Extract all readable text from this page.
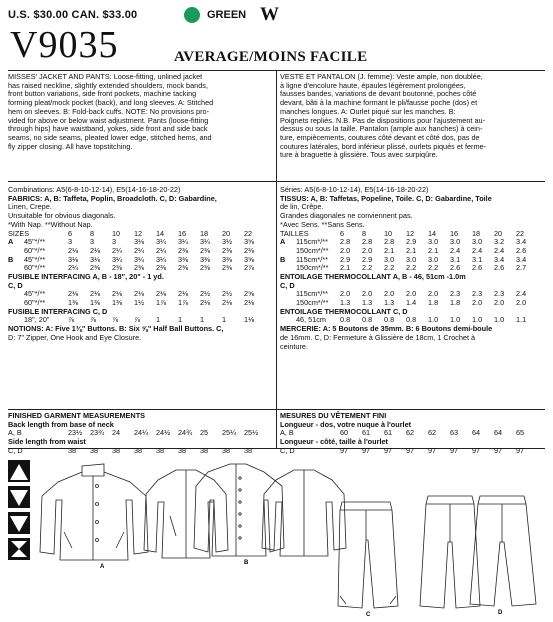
U.S. $30.00 CAN. $33.00	GREEN W
V9035	AVERAGE/MOINS FACILE
MISSES' JACKET AND PANTS: Loose-fitting, unlined jacket
has raised neckline, slightly extended shoulders, mock bands,
front button variations, side front pockets, machine tacking
forming pleat/mock pocket (back), and long sleeves. A: Stitched
hem on sleeves. B: Fold-back cuffs. NOTE: No provisions pro-
vided for above or below waist adjustment. Pants (loose-fitting
through hips) have waistband, yokes, side front and side back
seams, no side seams, pleated lower edge, stitched hems, and
fly zipper closing. All have topstitching.
Combinations: A5(6-8-10-12-14), E5(14-16-18-20-22)
FABRICS: A, B: Taffeta, Poplin, Broadcloth. C, D: Gabardine,
Linen, Crepe.
Unsuitable for obvious diagonals.
*With Nap. **Without Nap.
SIZES	6 8 10 12 14 16 18 20 22
A 45"*/**	3 3 3 3⅛ 3¼ 3¼ 3¼ 3½ 3⅝
60"*/**	2⅛ 2⅛ 2¼ 2¼ 2¼ 2⅜ 2⅜ 2⅜ 2⅜
B 45"*/**	3⅛ 3⅛ 3¼ 3¼ 3¼ 3⅜ 3⅜ 3⅜ 3⅝
60"*/**	2¼ 2⅜ 2⅜ 2⅜ 2⅜ 2⅜ 2⅜ 2⅜ 2⅞
FUSIBLE INTERFACING A, B - 18", 20" - 1 yd.
C, D
45"*/**	2⅛ 2⅛ 2⅛ 2⅛ 2⅛ 2⅛ 2½ 2½ 2⅝
60"*/**	1⅜ 1⅜ 1⅜ 1½ 1⅞ 1⅞ 2⅛ 2⅛ 2⅛
FUSIBLE INTERFACING C, D
18", 20"	⅞ ⅞ ⅞ ⅞ 1 1 1 1 1⅛
NOTIONS: A: Five 1⅜" Buttons. B: Six ⅝" Half Ball Buttons. C,
D: 7" Zipper, One Hook and Eye Closure.
FINISHED GARMENT MEASUREMENTS
Back length from base of neck
A, B	23½ 23¾ 24 24¼ 24½ 24¾ 25 25¼ 25½
Side length from waist
C, D	38 38 38 38 38 38 38 38 38
VESTE ET PANTALON (J. femme): Veste ample, non doublée,
à ligne d'encolure haute, épaules légèrement prolongées,
fausses bandes, variations de devant boutonné, poches côté
devant, bâti à la machine formant le pli/fausse poche (dos) et
manches longues. A: Ourlet piqué sur les manches. B:
Poignets repliés. N.B. Pas de dispositions pour l'ajustement au-
dessus ou sous la taille. Pantalon (ample aux hanches) à cein-
ture, empiècements, coutures côté devant et côté dos, pas de
coutures latérales, bord inférieur plissé, ourlets piqués et ferme-
ture à braguette à glissière. Tous avec surpiqûre.
Séries: A5(6-8-10-12-14), E5(14-16-18-20-22)
TISSUS: A, B: Taffetas, Popeline, Toile. C, D: Gabardine, Toile
de lin, Crêpe.
Grandes diagonales ne conviennent pas.
*Avec Sens. **Sans Sens.
TAILLES	6 8 10 12 14 16 18 20 22
A 115cm*/** 2.8 2.8 2.8 2.9 3.0 3.0 3.0 3.2 3.4
150cm*/** 2.0 2.0 2.1 2.1 2.1 2.4 2.4 2.4 2.6
B 115cm*/** 2.9 2.9 3.0 3.0 3.0 3.1 3.1 3.4 3.4
150cm*/** 2.1 2.2 2.2 2.2 2.2 2.6 2.6 2.6 2.7
ENTOILAGE THERMOCOLLANT A, B - 46, 51cm -1.0m
C, D
115cm*/** 2.0 2.0 2.0 2.0 2.0 2.3 2.3 2.3 2.4
150cm*/** 1.3 1.3 1.3 1.4 1.8 1.8 2.0 2.0 2.0
ENTOILAGE THERMOCOLLANT C, D
46, 51cm 0.8 0.8 0.8 0.8 1.0 1.0 1.0 1.0 1.1
MERCERIE: A: 5 Boutons de 35mm. B: 6 Boutons demi-boule
de 16mm. C, D: Fermeture à Glissière de 18cm, 1 Crochet à
ceinture.
MESURES DU VÊTEMENT FINI
Longueur - dos, votre nuque à l'ourlet
A, B	60 61 61 62 62 63 64 64 65
Longueur - côté, taille à l'ourlet
C, D	97 97 97 97 97 97 97 97 97
A
B
C	D
